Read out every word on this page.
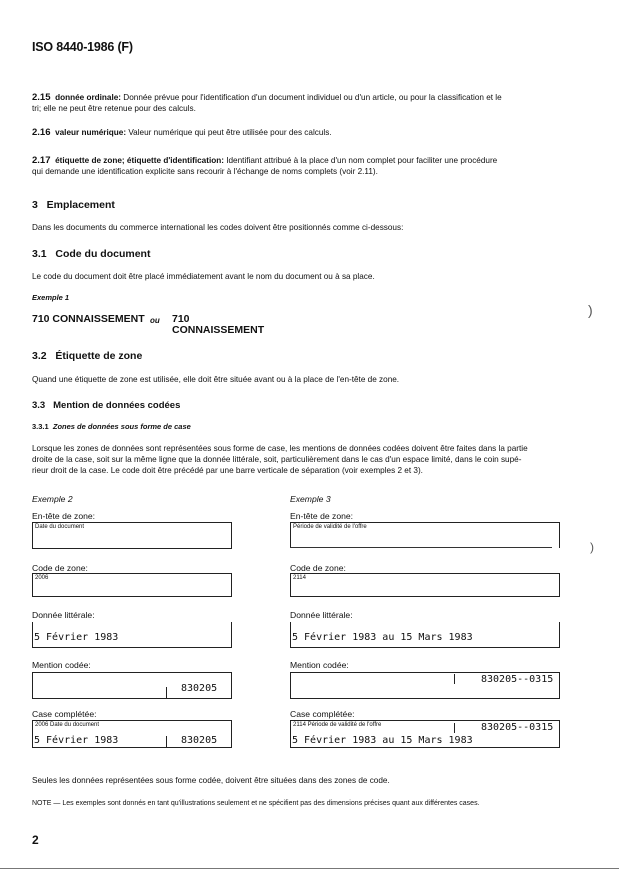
ISO 8440-1986 (F)
2.15 donnée ordinale: Donnée prévue pour l'identification d'un document individuel ou d'un article, ou pour la classification et le
tri; elle ne peut être retenue pour des calculs.
2.16 valeur numérique: Valeur numérique qui peut être utilisée pour des calculs.
2.17 étiquette de zone; étiquette d'identification: Identifiant attribué à la place d'un nom complet pour faciliter une procédure
qui demande une identification explicite sans recourir à l'échange de noms complets (voir 2.11).
3 Emplacement
Dans les documents du commerce international les codes doivent être positionnés comme ci-dessous:
3.1 Code du document
Le code du document doit être placé immédiatement avant le nom du document ou à sa place.
Exemple 1
710 CONNAISSEMENT ou 710
CONNAISSEMENT
3.2 Étiquette de zone
Quand une étiquette de zone est utilisée, elle doit être située avant ou à la place de l'en-tête de zone.
3.3 Mention de données codées
3.3.1 Zones de données sous forme de case
Lorsque les zones de données sont représentées sous forme de case, les mentions de données codées doivent être faites dans la partie
droite de la case, soit sur la même ligne que la donnée littérale, soit, particulièrement dans le cas d'un espace limité, dans le coin supé-
rieur droit de la case. Le code doit être précédé par une barre verticale de séparation (voir exemples 2 et 3).
Exemple 2
En-tête de zone:
Date du document
Code de zone:
2006
Donnée littérale:
5 Février 1983
Mention codée:
830205
Case complétée:
2006 Date du document
5 Février 1983	830205
Exemple 3
En-tête de zone:
Période de validité de l'offre
Code de zone:
2114
Donnée littérale:
5 Février 1983 au 15 Mars 1983
Mention codée:
830205--0315
Case complétée:
2114 Période de validité de l'offre	830205--0315
5 Février 1983 au 15 Mars 1983
Seules les données représentées sous forme codée, doivent être situées dans des zones de code.
NOTE — Les exemples sont donnés en tant qu'illustrations seulement et ne spécifient pas des dimensions précises quant aux différentes cases.
2
)
)
